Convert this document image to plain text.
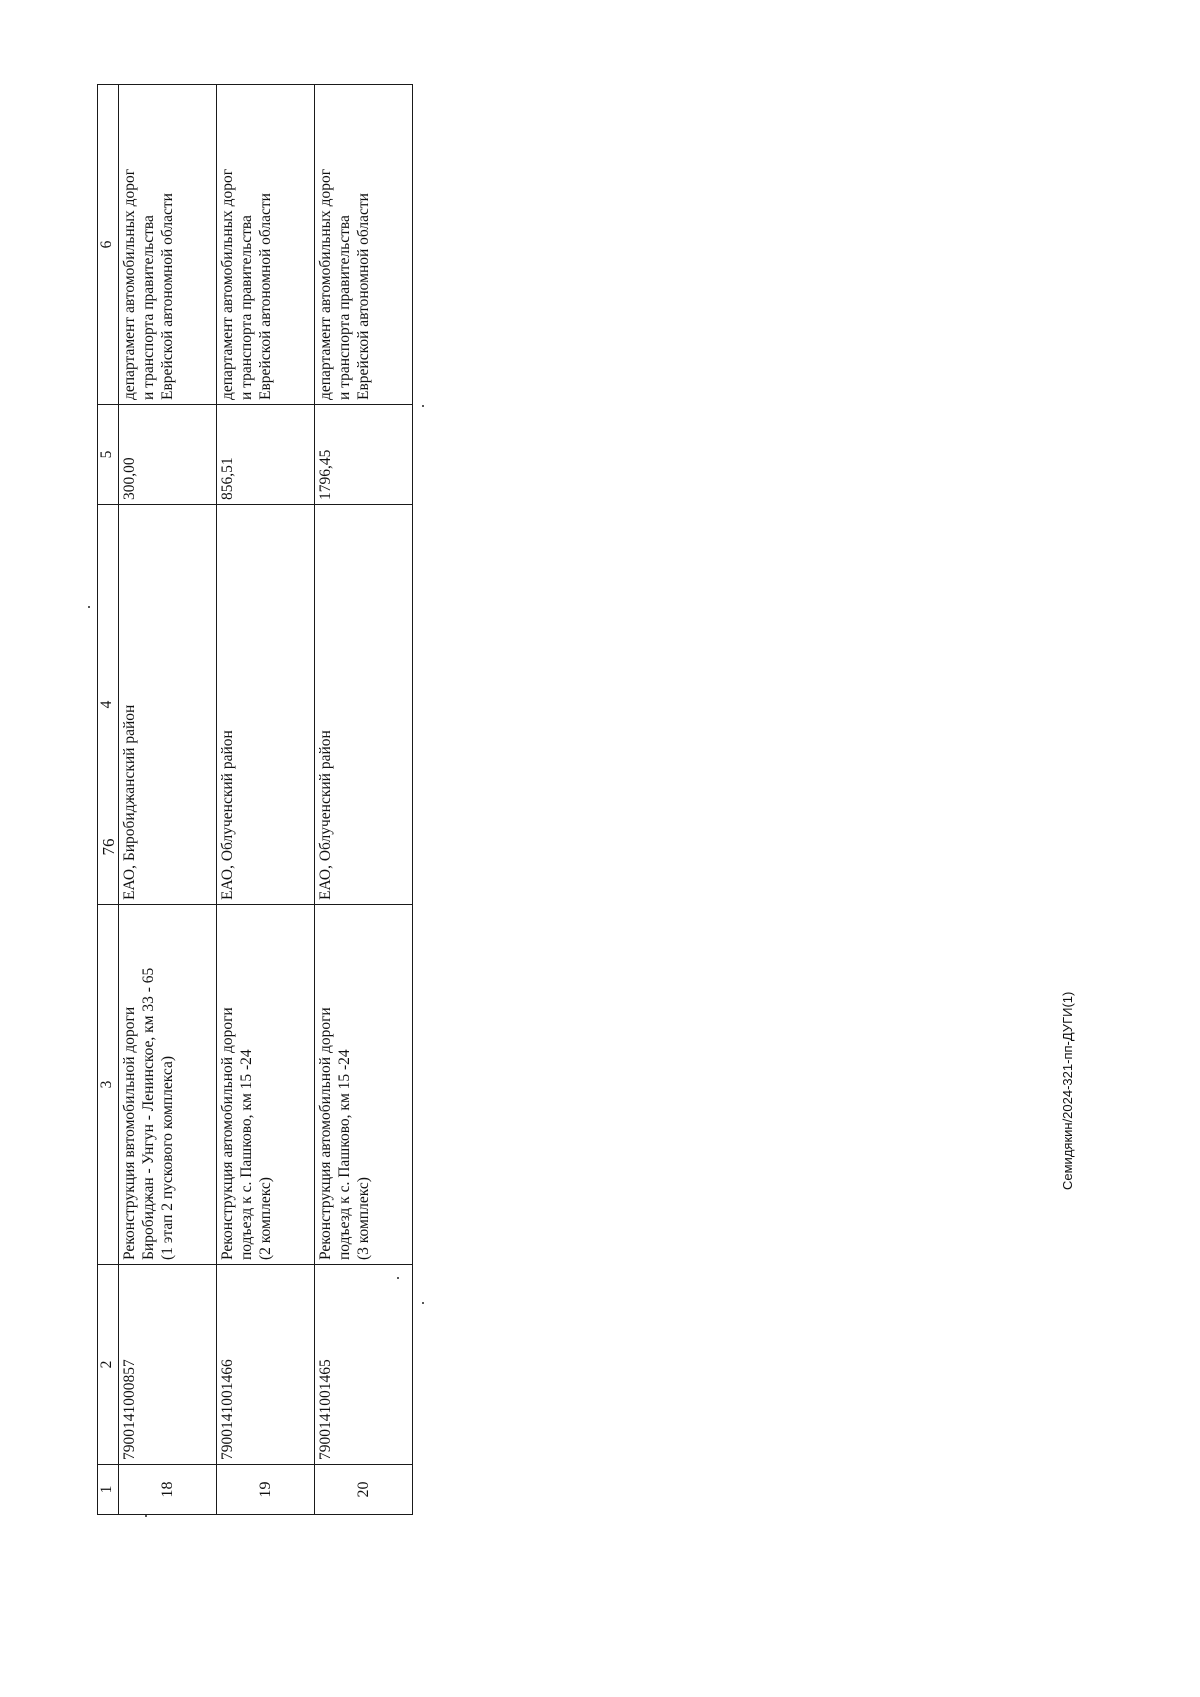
76
1	2	3	4	5	6
18	7900141000857	Реконструкция ввтомобильной дороги Биробиджан - Унгун - Ленинское, км 33 - 65 (1 этап 2 пускового комплекса)	ЕАО, Биробиджанский район	300,00	департамент автомобильных дорог и транспорта правительства Еврейской автономной области

19	7900141001466	Реконструкция автомобильной дороги подъезд к с. Пашково, км 15 -24 (2 комплекс)	ЕАО, Облученский район	856,51	департамент автомобильных дорог и транспорта правительства Еврейской автономной области

20	7900141001465	Реконструкция автомобильной дороги подъезд к с. Пашково, км 15 -24 (3 комплекс)	ЕАО, Облученский район	1796,45	департамент автомобильных дорог и транспорта правительства Еврейской автономной области
Семидякин/2024-321-пп-ДУГИ(1)
